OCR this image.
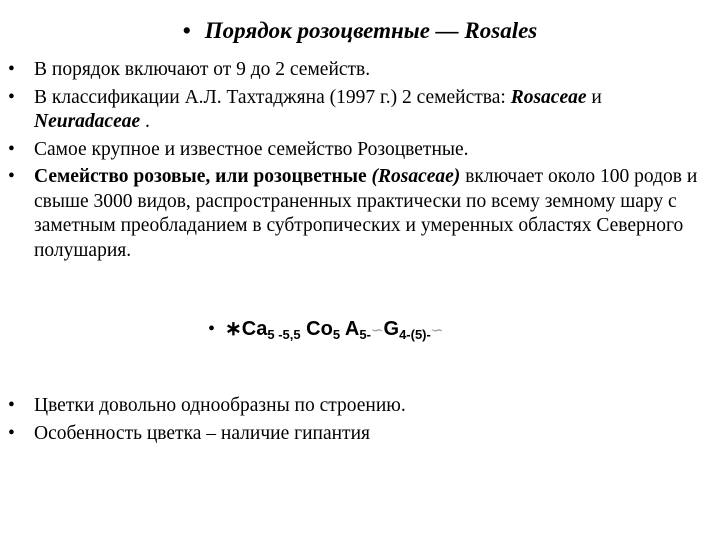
• Порядок розоцветные — Rosales
• В порядок включают от 9 до 2 семейств.
• В классификации А.Л. Тахтаджяна (1997 г.) 2 семейства: Rosaceae и Neuradaceae .
• Самое крупное и известное семейство Розоцветные.
• Семейство розовые, или розоцветные (Rosaceae) включает около 100 родов и свыше 3000 видов, распространенных практически по всему земному шару с заметным преобладанием в субтропических и умеренных областях Северного полушария.
• $∗Ca_{5 -5,5}$ $Co_5$ $A_{5-}∽G_{4-(5)-}∽$
• Цветки довольно однообразны по строению.
• Особенность цветка – наличие гипантия
